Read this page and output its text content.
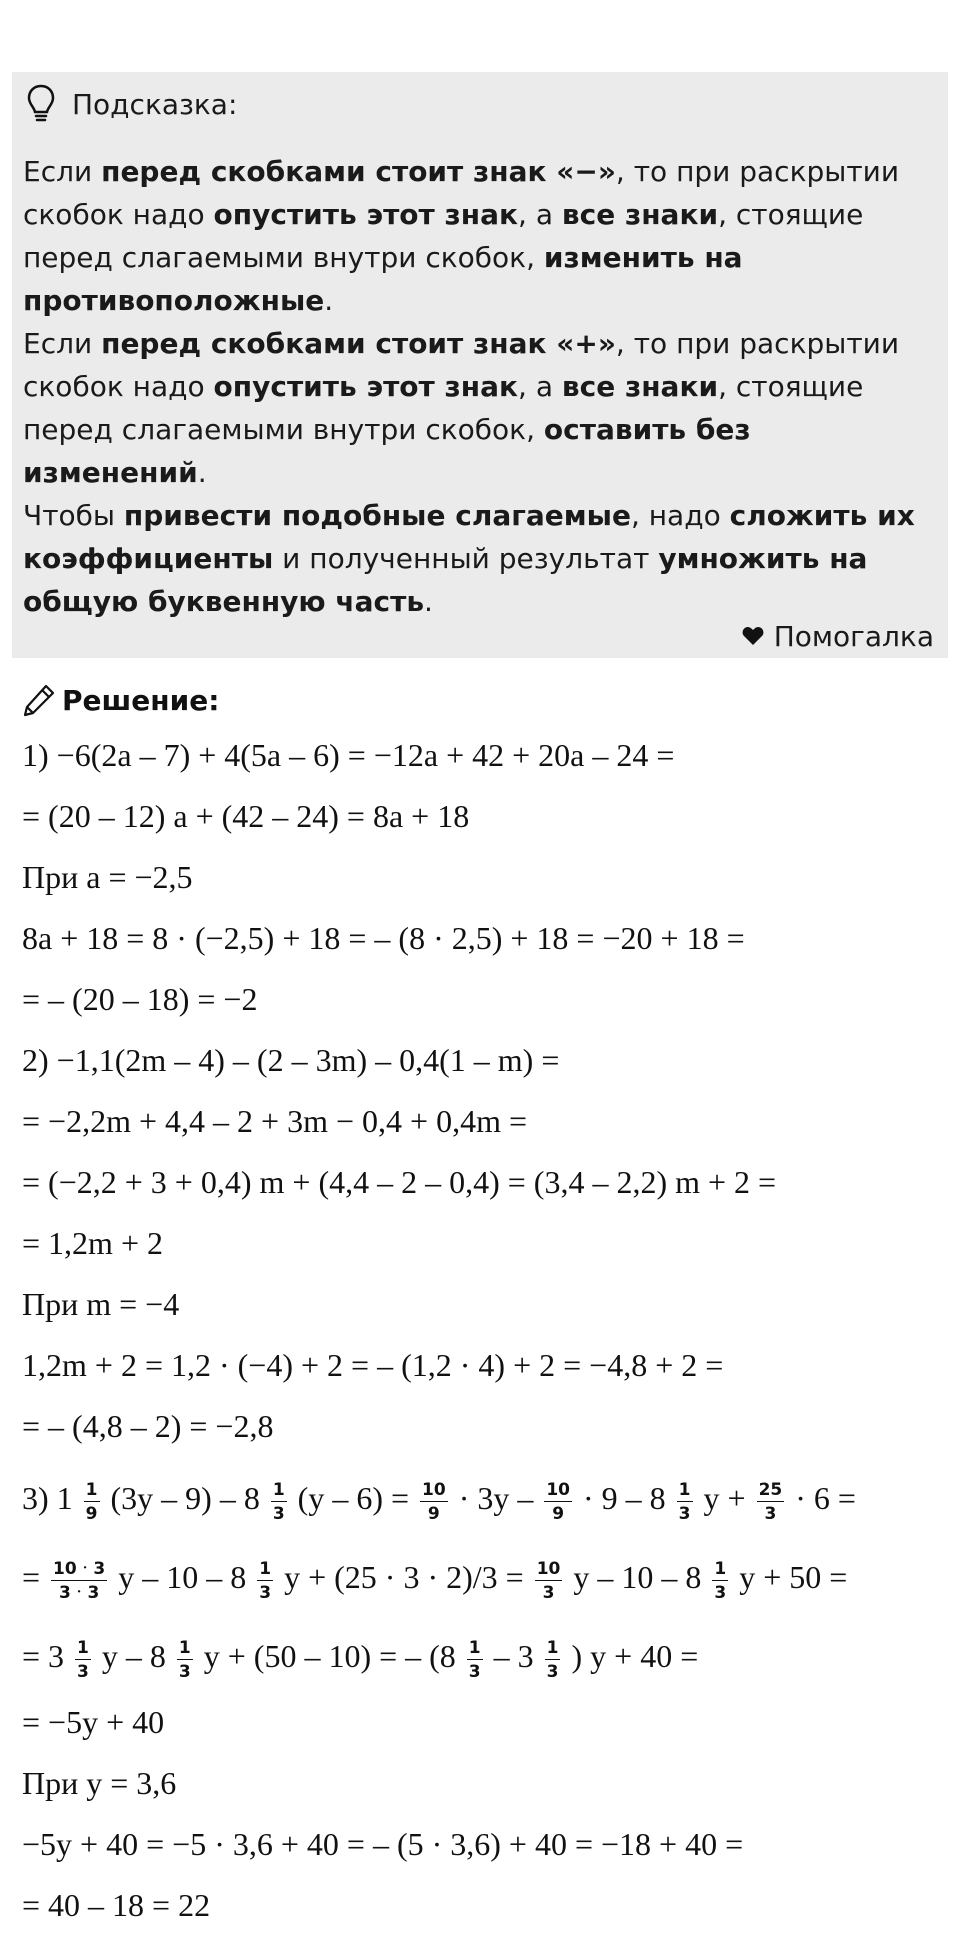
Подсказка:
Если перед скобками стоит знак «−», то при раскрытии скобок надо опустить этот знак, а все знаки, стоящие перед слагаемыми внутри скобок, изменить на противоположные.
Если перед скобками стоит знак «+», то при раскрытии скобок надо опустить этот знак, а все знаки, стоящие перед слагаемыми внутри скобок, оставить без изменений.
Чтобы привести подобные слагаемые, надо сложить их коэффициенты и полученный результат умножить на общую буквенную часть.
Помогалка
Решение:
1) −6(2a – 7) + 4(5a – 6) = −12a + 42 + 20a – 24 =
= (20 – 12) a + (42 – 24) = 8a + 18
При a = −2,5
8a + 18 = 8 · (−2,5) + 18 = – (8 · 2,5) + 18 = −20 + 18 =
= – (20 – 18) = −2
2) −1,1(2m – 4) – (2 – 3m) – 0,4(1 – m) =
= −2,2m + 4,4 – 2 + 3m − 0,4 + 0,4m =
= (−2,2 + 3 + 0,4) m + (4,4 – 2 – 0,4) = (3,4 – 2,2) m + 2 =
= 1,2m + 2
При m = −4
1,2m + 2 = 1,2 · (−4) + 2 = – (1,2 · 4) + 2 = −4,8 + 2 =
= – (4,8 – 2) = −2,8
3) $1 \frac{1}{9} (3y - 9) - 8 \frac{1}{3} (y - 6) = \frac{10}{9} \cdot 3y - \frac{10}{9} \cdot 9 - 8 \frac{1}{3}$ $y + \frac{25}{3} \cdot 6$ =
= $\frac{10 \cdot 3}{3 \cdot 3}$ y – $10 - 8 \frac{1}{3}$ $y + (25 \cdot 3 \cdot 2)/3 = \frac{10}{3}$ y – $10 - 8 \frac{1}{3}$ y + 50 =
= $3 \frac{1}{3}$ y – $8 \frac{1}{3}$ y + (50 – 10) = – ($8 \frac{1}{3} - 3 \frac{1}{3}$ ) y + 40 =
= −5y + 40
При y = 3,6
−5y + 40 = −5 · 3,6 + 40 = – (5 · 3,6) + 40 = −18 + 40 =
= 40 – 18 = 22
